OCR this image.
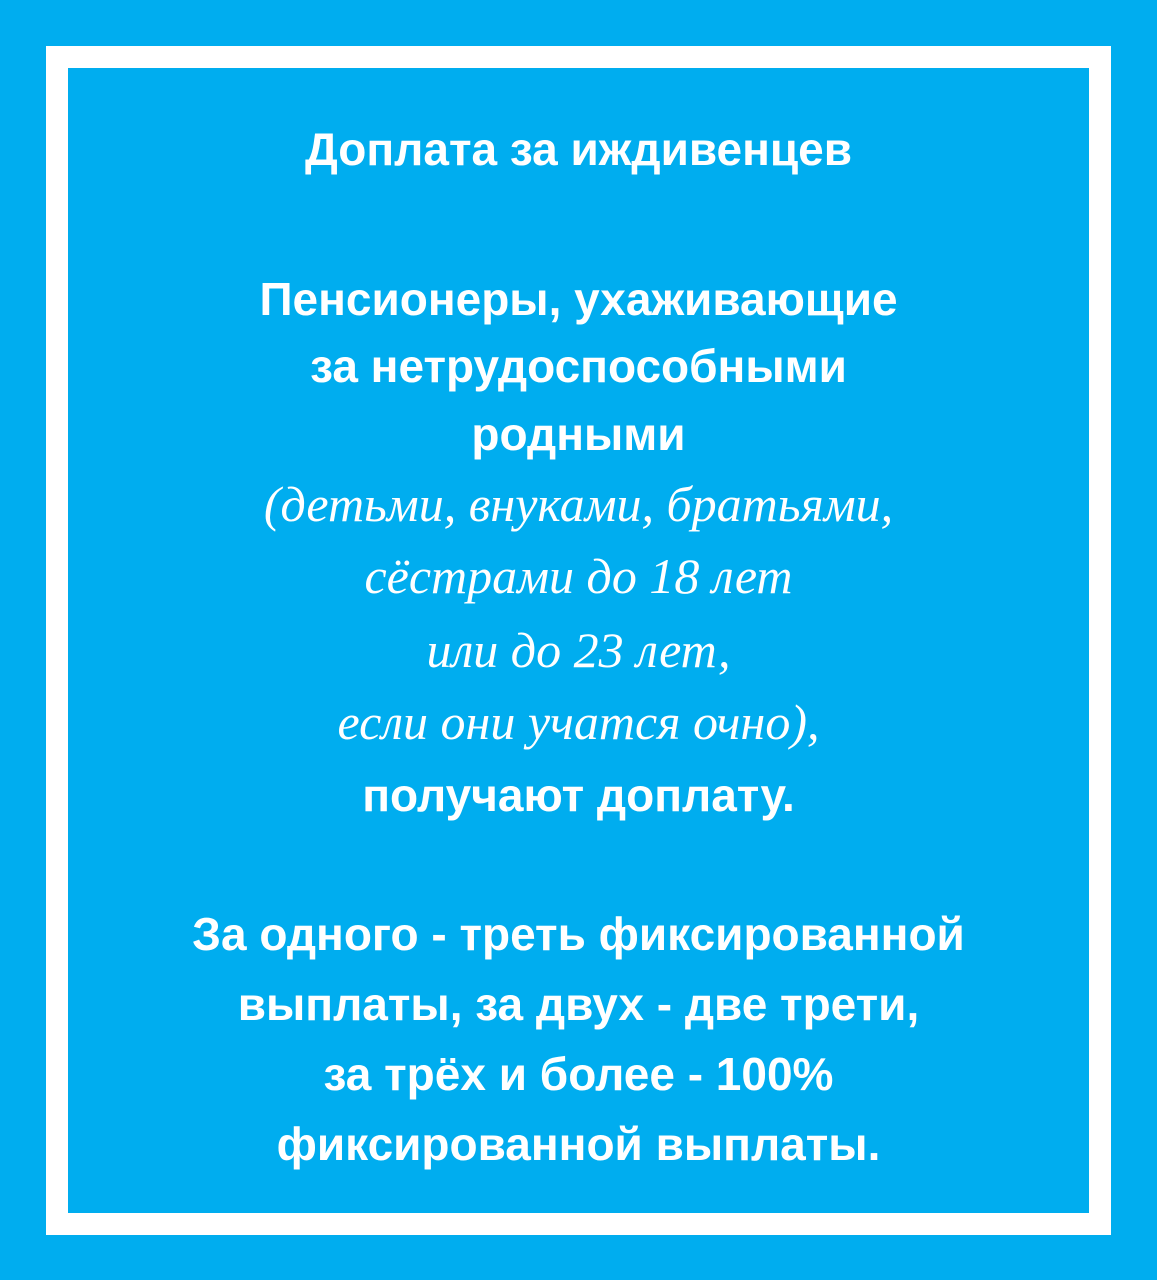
Доплата за иждивенцев
Пенсионеры, ухаживающие
за нетрудоспособными
родными
(детьми, внуками, братьями,
сёстрами до 18 лет
или до 23 лет,
если они учатся очно),
получают доплату.
За одного - треть фиксированной
выплаты, за двух - две трети,
за трёх и более - 100%
фиксированной выплаты.
